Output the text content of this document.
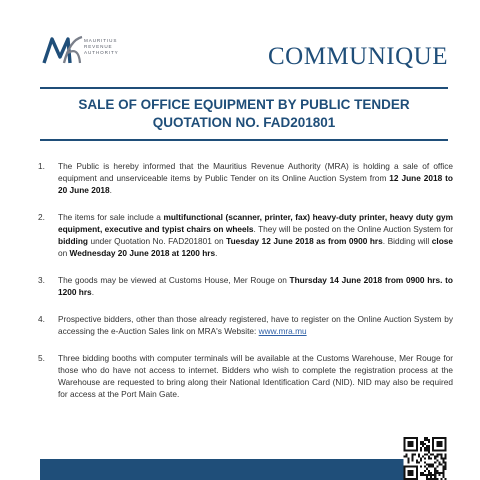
MAURITIUS
REVENUE
AUTHORITY	COMMUNIQUE
SALE OF OFFICE EQUIPMENT BY PUBLIC TENDER
QUOTATION NO. FAD201801
1. The Public is hereby informed that the Mauritius Revenue Authority (MRA) is holding a sale of office equipment and unserviceable items by Public Tender on its Online Auction System from 12 June 2018 to 20 June 2018.
2. The items for sale include a multifunctional (scanner, printer, fax) heavy-duty printer, heavy duty gym equipment, executive and typist chairs on wheels. They will be posted on the Online Auction System for bidding under Quotation No. FAD201801 on Tuesday 12 June 2018 as from 0900 hrs. Bidding will close on Wednesday 20 June 2018 at 1200 hrs.
3. The goods may be viewed at Customs House, Mer Rouge on Thursday 14 June 2018 from 0900 hrs. to 1200 hrs.
4. Prospective bidders, other than those already registered, have to register on the Online Auction System by accessing the e-Auction Sales link on MRA's Website: www.mra.mu
5. Three bidding booths with computer terminals will be available at the Customs Warehouse, Mer Rouge for those who do have not access to internet. Bidders who wish to complete the registration process at the Warehouse are requested to bring along their National Identification Card (NID). NID may also be required for access at the Port Main Gate.
